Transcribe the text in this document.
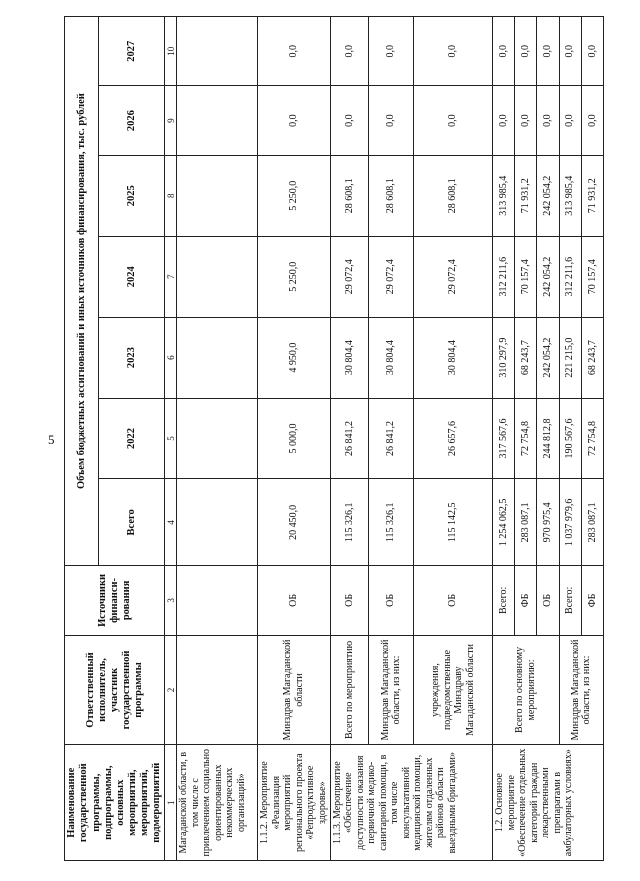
5
Наименование государственной программы, подпрограммы, основных мероприятий, мероприятий, подмероприятий	Ответственный исполнитель, участник государственной программы	Источники финанси-рования	Объем бюджетных ассигнований и иных источников финансирования, тыс. рублей						
			Всего	2022	2023	2024	2025	2026	2027
1	2	3	4	5	6	7	8	9	10
Магаданской области, в том числе с привлечением социально ориентированных некоммерческих организаций»									
1.1.2. Мероприятие «Реализация мероприятий регионального проекта «Репродуктивное здоровье»	Минздрав Магаданской области	ОБ	20 450,0	5 000,0	4 950,0	5 250,0	5 250,0	0,0	0,0
1.1.3. Мероприятие «Обеспечение доступности оказания первичной медико-санитарной помощи, в том числе консультативной медицинской помощи, жителям отдаленных районов области выездными бригадами»	Всего по мероприятию	ОБ	115 326,1	26 841,2	30 804,4	29 072,4	28 608,1	0,0	0,0
	Минздрав Магаданской области, из них:	ОБ	115 326,1	26 841,2	30 804,4	29 072,4	28 608,1	0,0	0,0
	учреждения, подведомственные Минздраву Магаданской области	ОБ	115 142,5	26 657,6	30 804,4	29 072,4	28 608,1	0,0	0,0
1.2. Основное мероприятие «Обеспечение отдельных категорий граждан лекарственными препаратами в амбулаторных условиях»	Всего по основному мероприятию:	Всего:	1 254 062,5	317 567,6	310 297,9	312 211,6	313 985,4	0,0	0,0
		ФБ	283 087,1	72 754,8	68 243,7	70 157,4	71 931,2	0,0	0,0
		ОБ	970 975,4	244 812,8	242 054,2	242 054,2	242 054,2	0,0	0,0
	Минздрав Магаданской области, из них:	Всего:	1 037 979,6	190 567,6	221 215,0	312 211,6	313 985,4	0,0	0,0
		ФБ	283 087,1	72 754,8	68 243,7	70 157,4	71 931,2	0,0	0,0
